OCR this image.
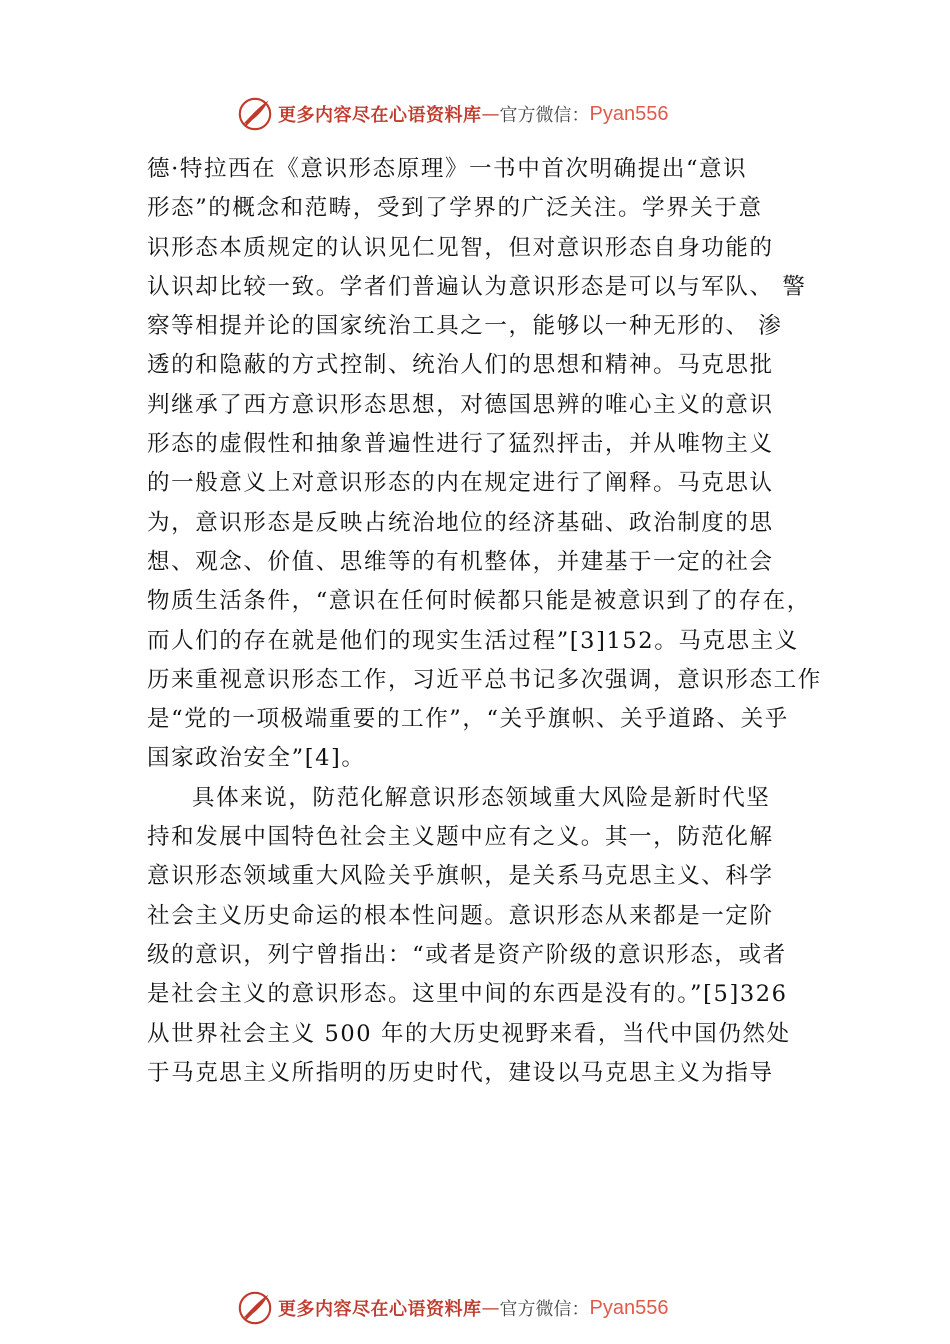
更多内容尽在心语资料库 — 官方微信： Pyan556
德·特拉西在《意识形态原理》一书中首次明确提出“意识
形态”的概念和范畴，受到了学界的广泛关注。学界关于意
识形态本质规定的认识见仁见智，但对意识形态自身功能的
认识却比较一致。学者们普遍认为意识形态是可以与军队、 警
察等相提并论的国家统治工具之一，能够以一种无形的、 渗
透的和隐蔽的方式控制、统治人们的思想和精神。马克思批
判继承了西方意识形态思想，对德国思辨的唯心主义的意识
形态的虚假性和抽象普遍性进行了猛烈抨击，并从唯物主义
的一般意义上对意识形态的内在规定进行了阐释。马克思认
为，意识形态是反映占统治地位的经济基础、政治制度的思
想、观念、价值、思维等的有机整体，并建基于一定的社会
物质生活条件，“意识在任何时候都只能是被意识到了的存在，
而人们的存在就是他们的现实生活过程”[3]152。马克思主义
历来重视意识形态工作，习近平总书记多次强调，意识形态工作
是“党的一项极端重要的工作”，“关乎旗帜、关乎道路、关乎
国家政治安全”[4]。
具体来说，防范化解意识形态领域重大风险是新时代坚
持和发展中国特色社会主义题中应有之义。其一，防范化解
意识形态领域重大风险关乎旗帜，是关系马克思主义、科学
社会主义历史命运的根本性问题。意识形态从来都是一定阶
级的意识，列宁曾指出：“或者是资产阶级的意识形态，或者
是社会主义的意识形态。这里中间的东西是没有的。”[5]326
从世界社会主义 500 年的大历史视野来看，当代中国仍然处
于马克思主义所指明的历史时代，建设以马克思主义为指导
更多内容尽在心语资料库 — 官方微信： Pyan556
